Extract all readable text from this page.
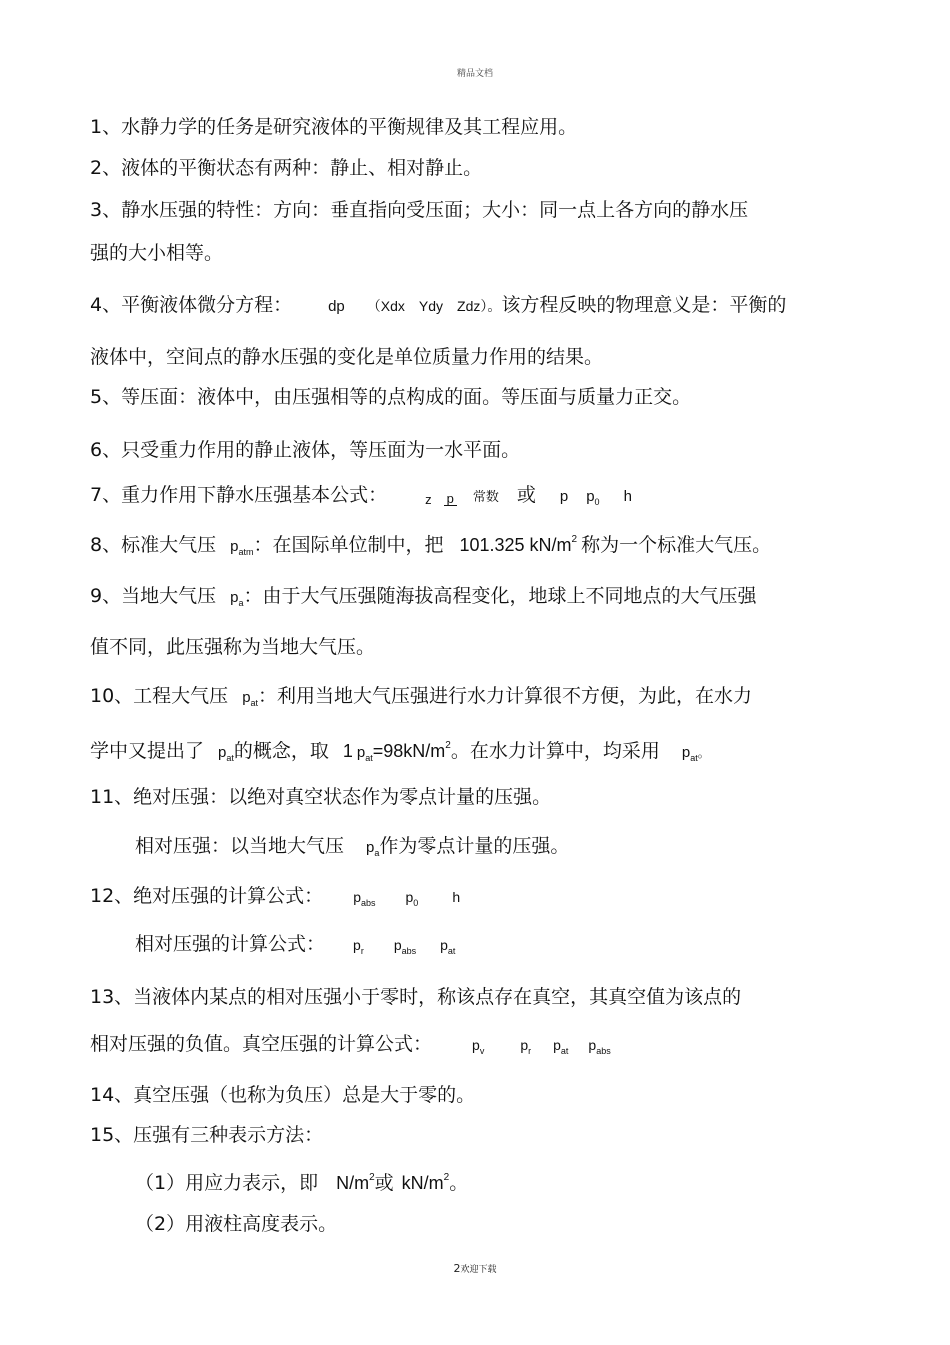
精品文档
1、水静力学的任务是研究液体的平衡规律及其工程应用。
2、液体的平衡状态有两种：静止、相对静止。
3、静水压强的特性：方向：垂直指向受压面；大小：同一点上各方向的静水压
强的大小相等。
4、平衡液体微分方程： dp （Xdx Ydy Zdz）。该方程反映的物理意义是：平衡的
液体中，空间点的静水压强的变化是单位质量力作用的结果。
5、等压面：液体中，由压强相等的点构成的面。等压面与质量力正交。
6、只受重力作用的静止液体，等压面为一水平面。
7、重力作用下静水压强基本公式：	z p 常数 或 p $p_0$ h
8、标准大气压 $p_{atm}$：在国际单位制中，把 101.325 $kN/m^2$ 称为一个标准大气压。
9、当地大气压 $p_a$：由于大气压强随海拔高程变化，地球上不同地点的大气压强
值不同，此压强称为当地大气压。
10、工程大气压 $p_{at}$：利用当地大气压强进行水力计算很不方便，为此，在水力
学中又提出了 $p_{at}$的概念，取 1 $p_{at}=98kN/m^2$。在水力计算中，均采用 $p_{at}$。
11、绝对压强：以绝对真空状态作为零点计量的压强。
相对压强：以当地大气压 $p_a$作为零点计量的压强。
12、绝对压强的计算公式： $p_{abs}$ $p_0$ h
相对压强的计算公式： $p_r$ $p_{abs}$ $p_{at}$
13、当液体内某点的相对压强小于零时，称该点存在真空，其真空值为该点的
相对压强的负值。真空压强的计算公式：	$p_v$	$p_r$ $p_{at}$ $p_{abs}$
14、真空压强（也称为负压）总是大于零的。
15、压强有三种表示方法：
（1）用应力表示，即 $N/m^2$或 $kN/m^2$。
（2）用液柱高度表示。
2欢迎下载
